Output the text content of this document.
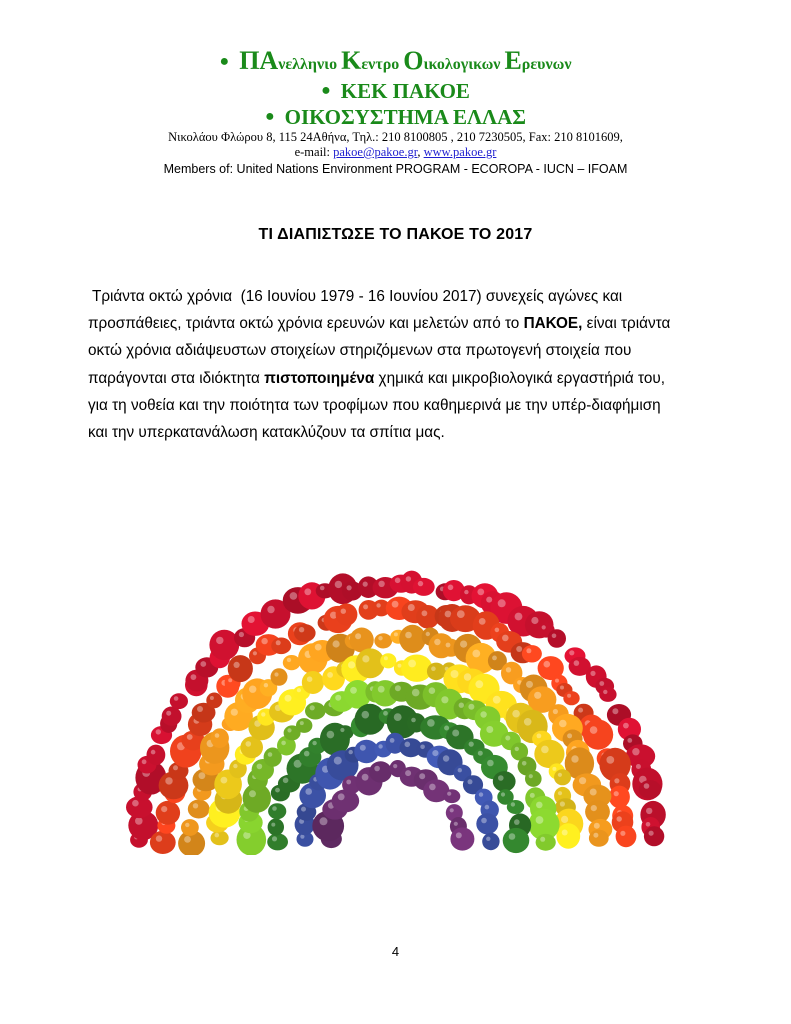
● ΠΑνελληνιο Κεντρο Οικολογικων Ερευνων
● ΚΕΚ ΠΑΚΟΕ
● ΟΙΚΟΣΥΣΤΗΜΑ ΕΛΛΑΣ
Νικολάου Φλώρου 8, 115 24Αθήνα, Τηλ.: 210 8100805 , 210 7230505, Fax: 210 8101609,
e-mail: pakoe@pakoe.gr, www.pakoe.gr
Members of: United Nations Environment PROGRAM - ECOROPA - IUCN – IFOAM
ΤΙ ΔΙΑΠΙΣΤΩΣΕ ΤΟ ΠΑΚΟΕ ΤΟ 2017
Τριάντα οκτώ χρόνια  (16 Ιουνίου 1979 - 16 Ιουνίου 2017) συνεχείς αγώνες και
προσπάθειες, τριάντα οκτώ χρόνια ερευνών και μελετών από το ΠΑΚΟΕ, είναι τριάντα
οκτώ χρόνια αδιάψευστων στοιχείων στηριζόμενων στα πρωτογενή στοιχεία που
παράγονται στα ιδιόκτητα πιστοποιημένα χημικά και μικροβιολογικά εργαστήριά του,
για τη νοθεία και την ποιότητα των τροφίμων που καθημερινά με την υπέρ-διαφήμιση
και την υπερκατανάλωση κατακλύζουν τα σπίτια μας.
4
